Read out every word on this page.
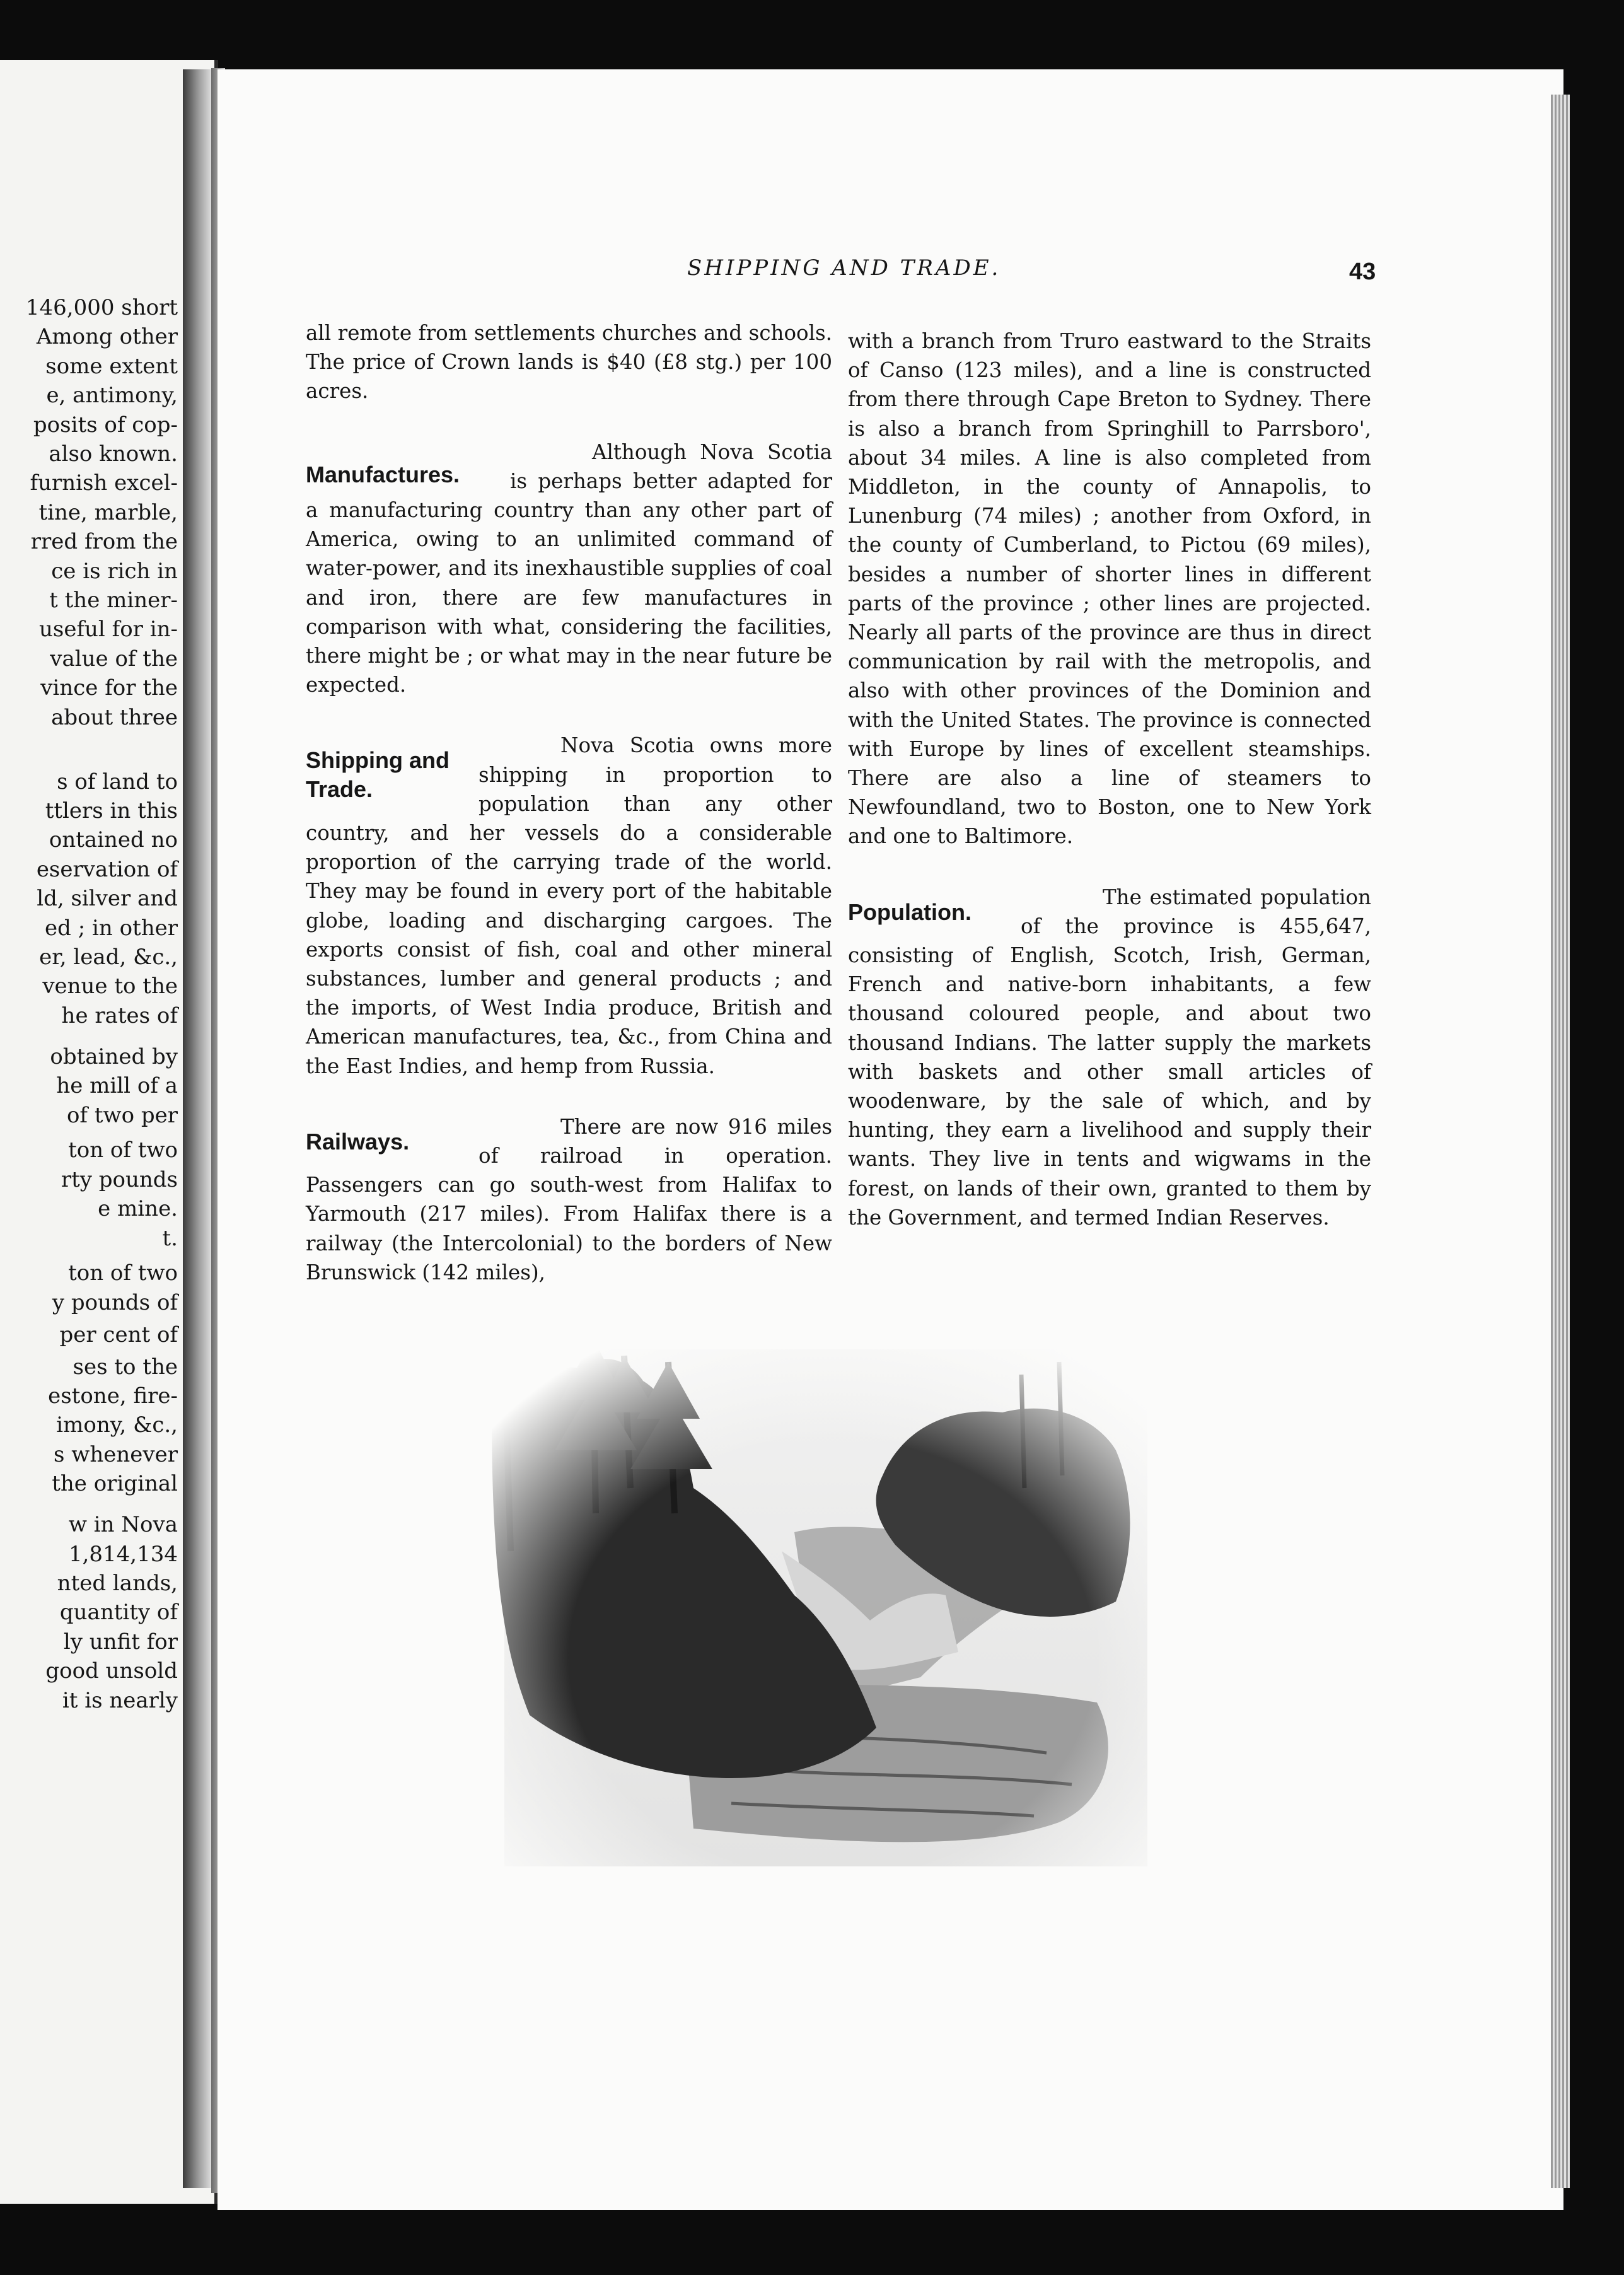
146,000 short
Among other
some extent
e, antimony,
posits of cop-
also known.
furnish excel-
tine, marble,
rred from the
ce is rich in
t the miner-
useful for in-
value of the
vince for the
about three
s of land to
ttlers in this
ontained no
eservation of
ld, silver and
ed ; in other
er, lead, &c.,
venue to the
he rates of
obtained by
he mill of a
of two per
ton of two
rty pounds
e mine.
t.
ton of two
y pounds of
per cent of
ses to the
estone, fire-
imony, &c.,
s whenever
the original
w in Nova
1,814,134
nted lands,
quantity of
ly unfit for
good unsold
it is nearly
SHIPPING AND TRADE.	43

all remote from settlements churches and schools. The price of Crown lands is $40 (£8 stg.) per 100 acres.

Manufactures.

Although Nova Scotia is perhaps better adapted for a manufacturing country than any other part of America, owing to an unlimited command of water-power, and its inexhaustible supplies of coal and iron, there are few manufactures in comparison with what, considering the facilities, there might be ; or what may in the near future be expected.

Shipping and Trade.

Nova Scotia owns more shipping in proportion to population than any other country, and her vessels do a considerable proportion of the carrying trade of the world. They may be found in every port of the habitable globe, loading and discharging cargoes. The exports consist of fish, coal and other mineral substances, lumber and general products ; and the imports, of West India produce, British and American manufactures, tea, &c., from China and the East Indies, and hemp from Russia.

Railways.

There are now 916 miles of railroad in operation. Passengers can go south-west from Halifax to Yarmouth (217 miles). From Halifax there is a railway (the Intercolonial) to the borders of New Brunswick (142 miles),

with a branch from Truro eastward to the Straits of Canso (123 miles), and a line is constructed from there through Cape Breton to Sydney. There is also a branch from Springhill to Parrsboro', about 34 miles. A line is also completed from Middleton, in the county of Annapolis, to Lunenburg (74 miles) ; another from Oxford, in the county of Cumberland, to Pictou (69 miles), besides a number of shorter lines in different parts of the province ; other lines are projected. Nearly all parts of the province are thus in direct communication by rail with the metropolis, and also with other provinces of the Dominion and with the United States. The province is connected with Europe by lines of excellent steamships. There are also a line of steamers to Newfoundland, two to Boston, one to New York and one to Baltimore.

Population.

The estimated population of the province is 455,647, consisting of English, Scotch, Irish, German, French and native-born inhabitants, a few thousand coloured people, and about two thousand Indians. The latter supply the markets with baskets and other small articles of woodenware, by the sale of which, and by hunting, they earn a livelihood and supply their wants. They live in tents and wigwams in the forest, on lands of their own, granted to them by the Government, and termed Indian Reserves.
